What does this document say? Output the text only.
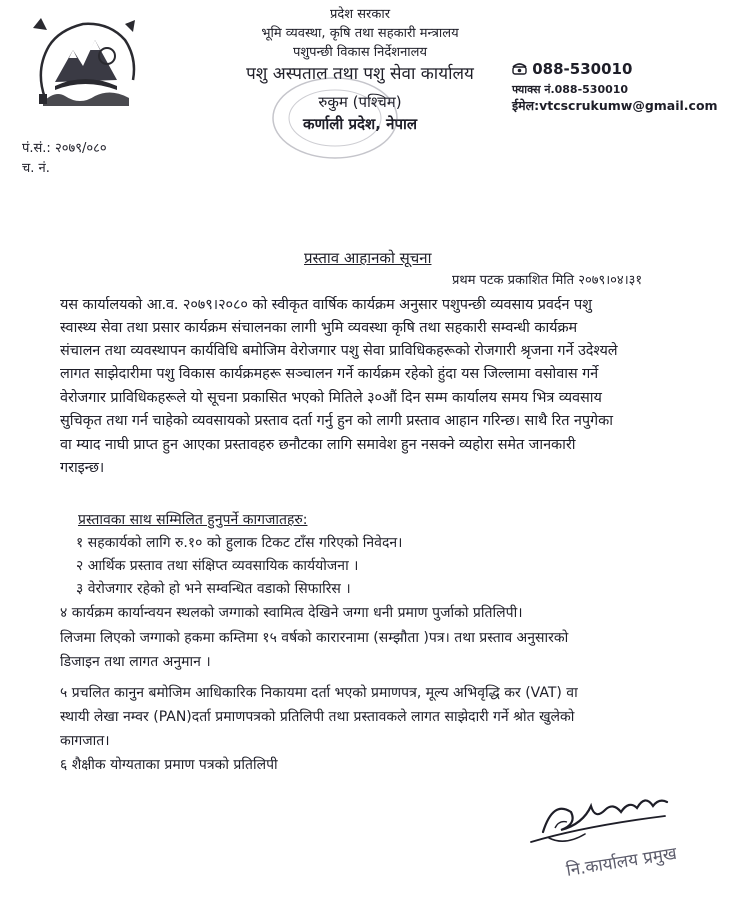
प्रदेश सरकार
भूमि व्यवस्था, कृषि तथा सहकारी मन्त्रालय
पशुपन्छी विकास निर्देशनालय
पशु अस्पताल तथा पशु सेवा कार्यालय
रुकुम (पश्चिम)
कर्णाली प्रदेश, नेपाल
088-530010
फ्याक्स नं.088-530010
ईमेल:vtcscrukumw@gmail.com
पं.सं.: २०७९/०८०
च. नं.
प्रस्ताव आहानको सूचना
प्रथम पटक प्रकाशित मिति २०७९।०४।३१
यस कार्यालयको आ.व. २०७९।२०८० को स्वीकृत वार्षिक कार्यक्रम अनुसार पशुपन्छी व्यवसाय प्रवर्दन पशु
स्वास्थ्य सेवा तथा प्रसार कार्यक्रम संचालनका लागी भुमि व्यवस्था कृषि तथा सहकारी सम्वन्धी कार्यक्रम
संचालन तथा व्यवस्थापन कार्यविधि बमोजिम वेरोजगार पशु सेवा प्राविधिकहरूको रोजगारी श्रृजना गर्ने उदेश्यले
लागत साझेदारीमा पशु विकास कार्यक्रमहरू सञ्चालन गर्ने कार्यक्रम रहेको हुंदा यस जिल्लामा वसोवास गर्ने
वेरोजगार प्राविधिकहरूले यो सूचना प्रकासित भएको मितिले ३०औं दिन सम्म कार्यालय समय भित्र व्यवसाय
सुचिकृत तथा गर्न चाहेको व्यवसायको प्रस्ताव दर्ता गर्नु हुन को लागी प्रस्ताव आहान गरिन्छ। साथै रित नपुगेका
वा म्याद नाघी प्राप्त हुन आएका प्रस्तावहरु छनौटका लागि समावेश हुन नसक्ने व्यहोरा समेत जानकारी
गराइन्छ।
प्रस्तावका साथ सम्मिलित हुनुपर्ने कागजातहरु:
१ सहकार्यको लागि रु.१० को हुलाक टिकट टाँस गरिएको निवेदन।
२ आर्थिक प्रस्ताव तथा संक्षिप्त व्यवसायिक कार्ययोजना ।
३ वेरोजगार रहेको हो भने सम्वन्धित वडाको सिफारिस ।
४ कार्यक्रम कार्यान्वयन स्थलको जग्गाको स्वामित्व देखिने जग्गा धनी प्रमाण पुर्जाको प्रतिलिपी।
लिजमा लिएको जग्गाको हकमा कम्तिमा १५ वर्षको कारारनामा (सम्झौता )पत्र। तथा प्रस्ताव अनुसारको
डिजाइन तथा लागत अनुमान ।
५ प्रचलित कानुन बमोजिम आधिकारिक निकायमा दर्ता भएको प्रमाणपत्र, मूल्य अभिवृद्धि कर (VAT) वा
स्थायी लेखा नम्वर (PAN)दर्ता प्रमाणपत्रको प्रतिलिपी तथा प्रस्तावकले लागत साझेदारी गर्ने श्रोत खुलेको
कागजात।
६ शैक्षीक योग्यताका प्रमाण पत्रको प्रतिलिपी
नि.कार्यालय प्रमुख
